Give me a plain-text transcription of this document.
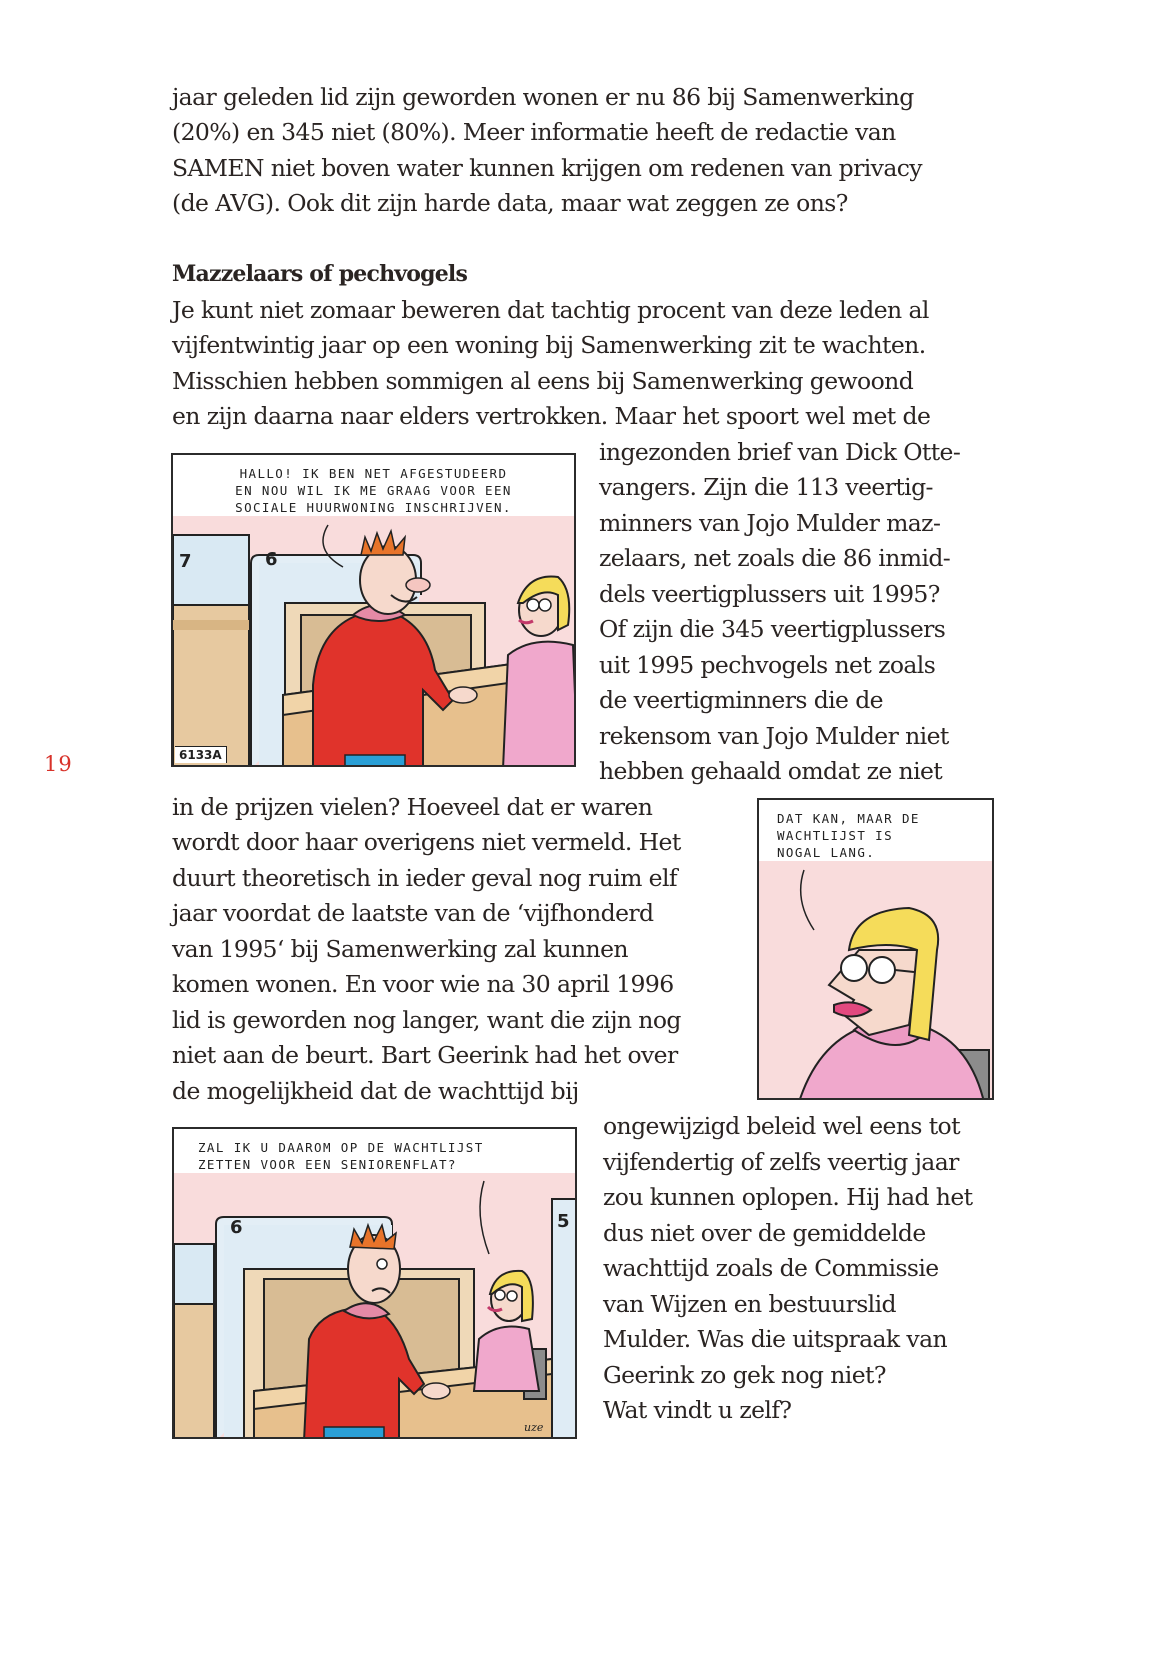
jaar geleden lid zijn geworden wonen er nu 86 bij Samenwerking
(20%) en 345 niet (80%). Meer informatie heeft de redactie van
SAMEN niet boven water kunnen krijgen om redenen van privacy
(de AVG). Ook dit zijn harde data, maar wat zeggen ze ons?
Mazzelaars of pechvogels
Je kunt niet zomaar beweren dat tachtig procent van deze leden al
vijfentwintig jaar op een woning bij Samenwerking zit te wachten.
Misschien hebben sommigen al eens bij Samenwerking gewoond
en zijn daarna naar elders vertrokken. Maar het spoort wel met de
ingezonden brief van Dick Otte-
vangers. Zijn die 113 veertig-
minners van Jojo Mulder maz-
zelaars, net zoals die 86 inmid-
dels veertigplussers uit 1995?
Of zijn die 345 veertigplussers
uit 1995 pechvogels net zoals
de veertigminners die de
rekensom van Jojo Mulder niet
hebben gehaald omdat ze niet
19
7	6
HALLO! IK BEN NET AFGESTUDEERD
EN NOU WIL IK ME GRAAG VOOR EEN
SOCIALE HUURWONING INSCHRIJVEN.
6133A
in de prijzen vielen? Hoeveel dat er waren
wordt door haar overigens niet vermeld. Het
duurt theoretisch in ieder geval nog ruim elf
jaar voordat de laatste van de ‘vijfhonderd
van 1995‘ bij Samenwerking zal kunnen
komen wonen. En voor wie na 30 april 1996
lid is geworden nog langer, want die zijn nog
niet aan de beurt. Bart Geerink had het over
de mogelijkheid dat de wachttijd bij
DAT KAN, MAAR DE
WACHTLIJST IS
NOGAL LANG.
5
6
uze
ZAL IK U DAAROM OP DE WACHTLIJST
ZETTEN VOOR EEN SENIORENFLAT?
ongewijzigd beleid wel eens tot
vijfendertig of zelfs veertig jaar
zou kunnen oplopen. Hij had het
dus niet over de gemiddelde
wachttijd zoals de Commissie
van Wijzen en bestuurslid
Mulder. Was die uitspraak van
Geerink zo gek nog niet?
Wat vindt u zelf?
